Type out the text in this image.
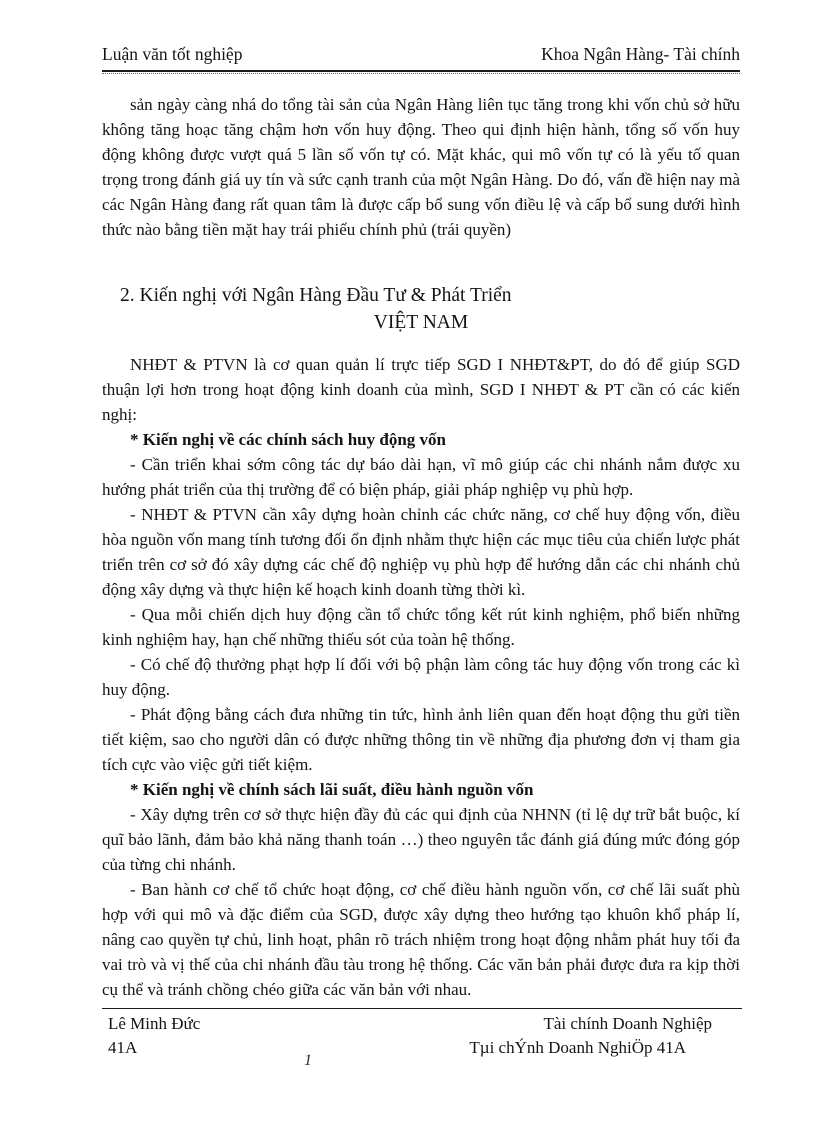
Luận văn tốt nghiệp	Khoa Ngân Hàng- Tài chính

sản ngày càng nhá do tổng tài sản của Ngân Hàng liên tục tăng trong khi vốn chủ sở hữu không tăng hoạc tăng chậm hơn vốn huy động. Theo qui định hiện hành, tổng số vốn huy động không được vượt quá 5 lần số vốn tự có. Mặt khác, qui mô vốn tự có là yếu tố quan trọng trong đánh giá uy tín và sức cạnh tranh của một Ngân Hàng. Do đó, vấn đề hiện nay mà các Ngân Hàng đang rất quan tâm là được cấp bổ sung vốn điều lệ và cấp bổ sung dưới hình thức nào bằng tiền mặt hay trái phiếu chính phủ (trái quyền)

2. Kiến nghị với Ngân Hàng Đầu Tư & Phát Triển
VIỆT NAM

NHĐT & PTVN là cơ quan quản lí trực tiếp SGD I NHĐT&PT, do đó để giúp SGD thuận lợi hơn trong hoạt động kinh doanh của mình, SGD I NHĐT & PT cần có các kiến nghị:

* Kiến nghị về các chính sách huy động vốn

- Cần triển khai sớm công tác dự báo dài hạn, vĩ mô giúp các chi nhánh nắm được xu hướng phát triển của thị trường để có biện pháp, giải pháp nghiệp vụ phù hợp.

- NHĐT & PTVN cần xây dựng hoàn chỉnh các chức năng, cơ chế huy động vốn, điều hòa nguồn vốn mang tính tương đối ổn định nhằm thực hiện các mục tiêu của chiến lược phát triển trên cơ sở đó xây dựng các chế độ nghiệp vụ phù hợp để hướng dẫn các chi nhánh chủ động xây dựng và thực hiện kế hoạch kinh doanh từng thời kì.

- Qua mỗi chiến dịch huy động cần tổ chức tổng kết rút kinh nghiệm, phổ biến những kinh nghiệm hay, hạn chế những thiếu sót của toàn hệ thống.

- Có chế độ thưởng phạt hợp lí đối với bộ phận làm công tác huy động vốn trong các kì huy động.

- Phát động bằng cách đưa những tin tức, hình ảnh liên quan đến hoạt động thu gửi tiền tiết kiệm, sao cho người dân có được những thông tin về những địa phương đơn vị tham gia tích cực vào việc gửi tiết kiệm.

* Kiến nghị về chính sách lãi suất, điều hành nguồn vốn

- Xây dựng trên cơ sở thực hiện đầy đủ các qui định của NHNN (tỉ lệ dự trữ bắt buộc, kí quĩ bảo lãnh, đảm bảo khả năng thanh toán …) theo nguyên tắc đánh giá đúng mức đóng góp của từng chi nhánh.

- Ban hành cơ chế tổ chức hoạt động, cơ chế điều hành nguồn vốn, cơ chế lãi suất phù hợp với qui mô và đặc điểm của SGD, được xây dựng theo hướng tạo khuôn khổ pháp lí, nâng cao quyền tự chủ, linh hoạt, phân rõ trách nhiệm trong hoạt động nhằm phát huy tối đa vai trò và vị thế của chi nhánh đầu tàu trong hệ thống. Các văn bản phải được đưa ra kịp thời cụ thể và tránh chồng chéo giữa các văn bản với nhau.

Lê Minh Đức
41A
Tài chính Doanh Nghiệp
Tµi chÝnh Doanh NghiÖp 41A
1
